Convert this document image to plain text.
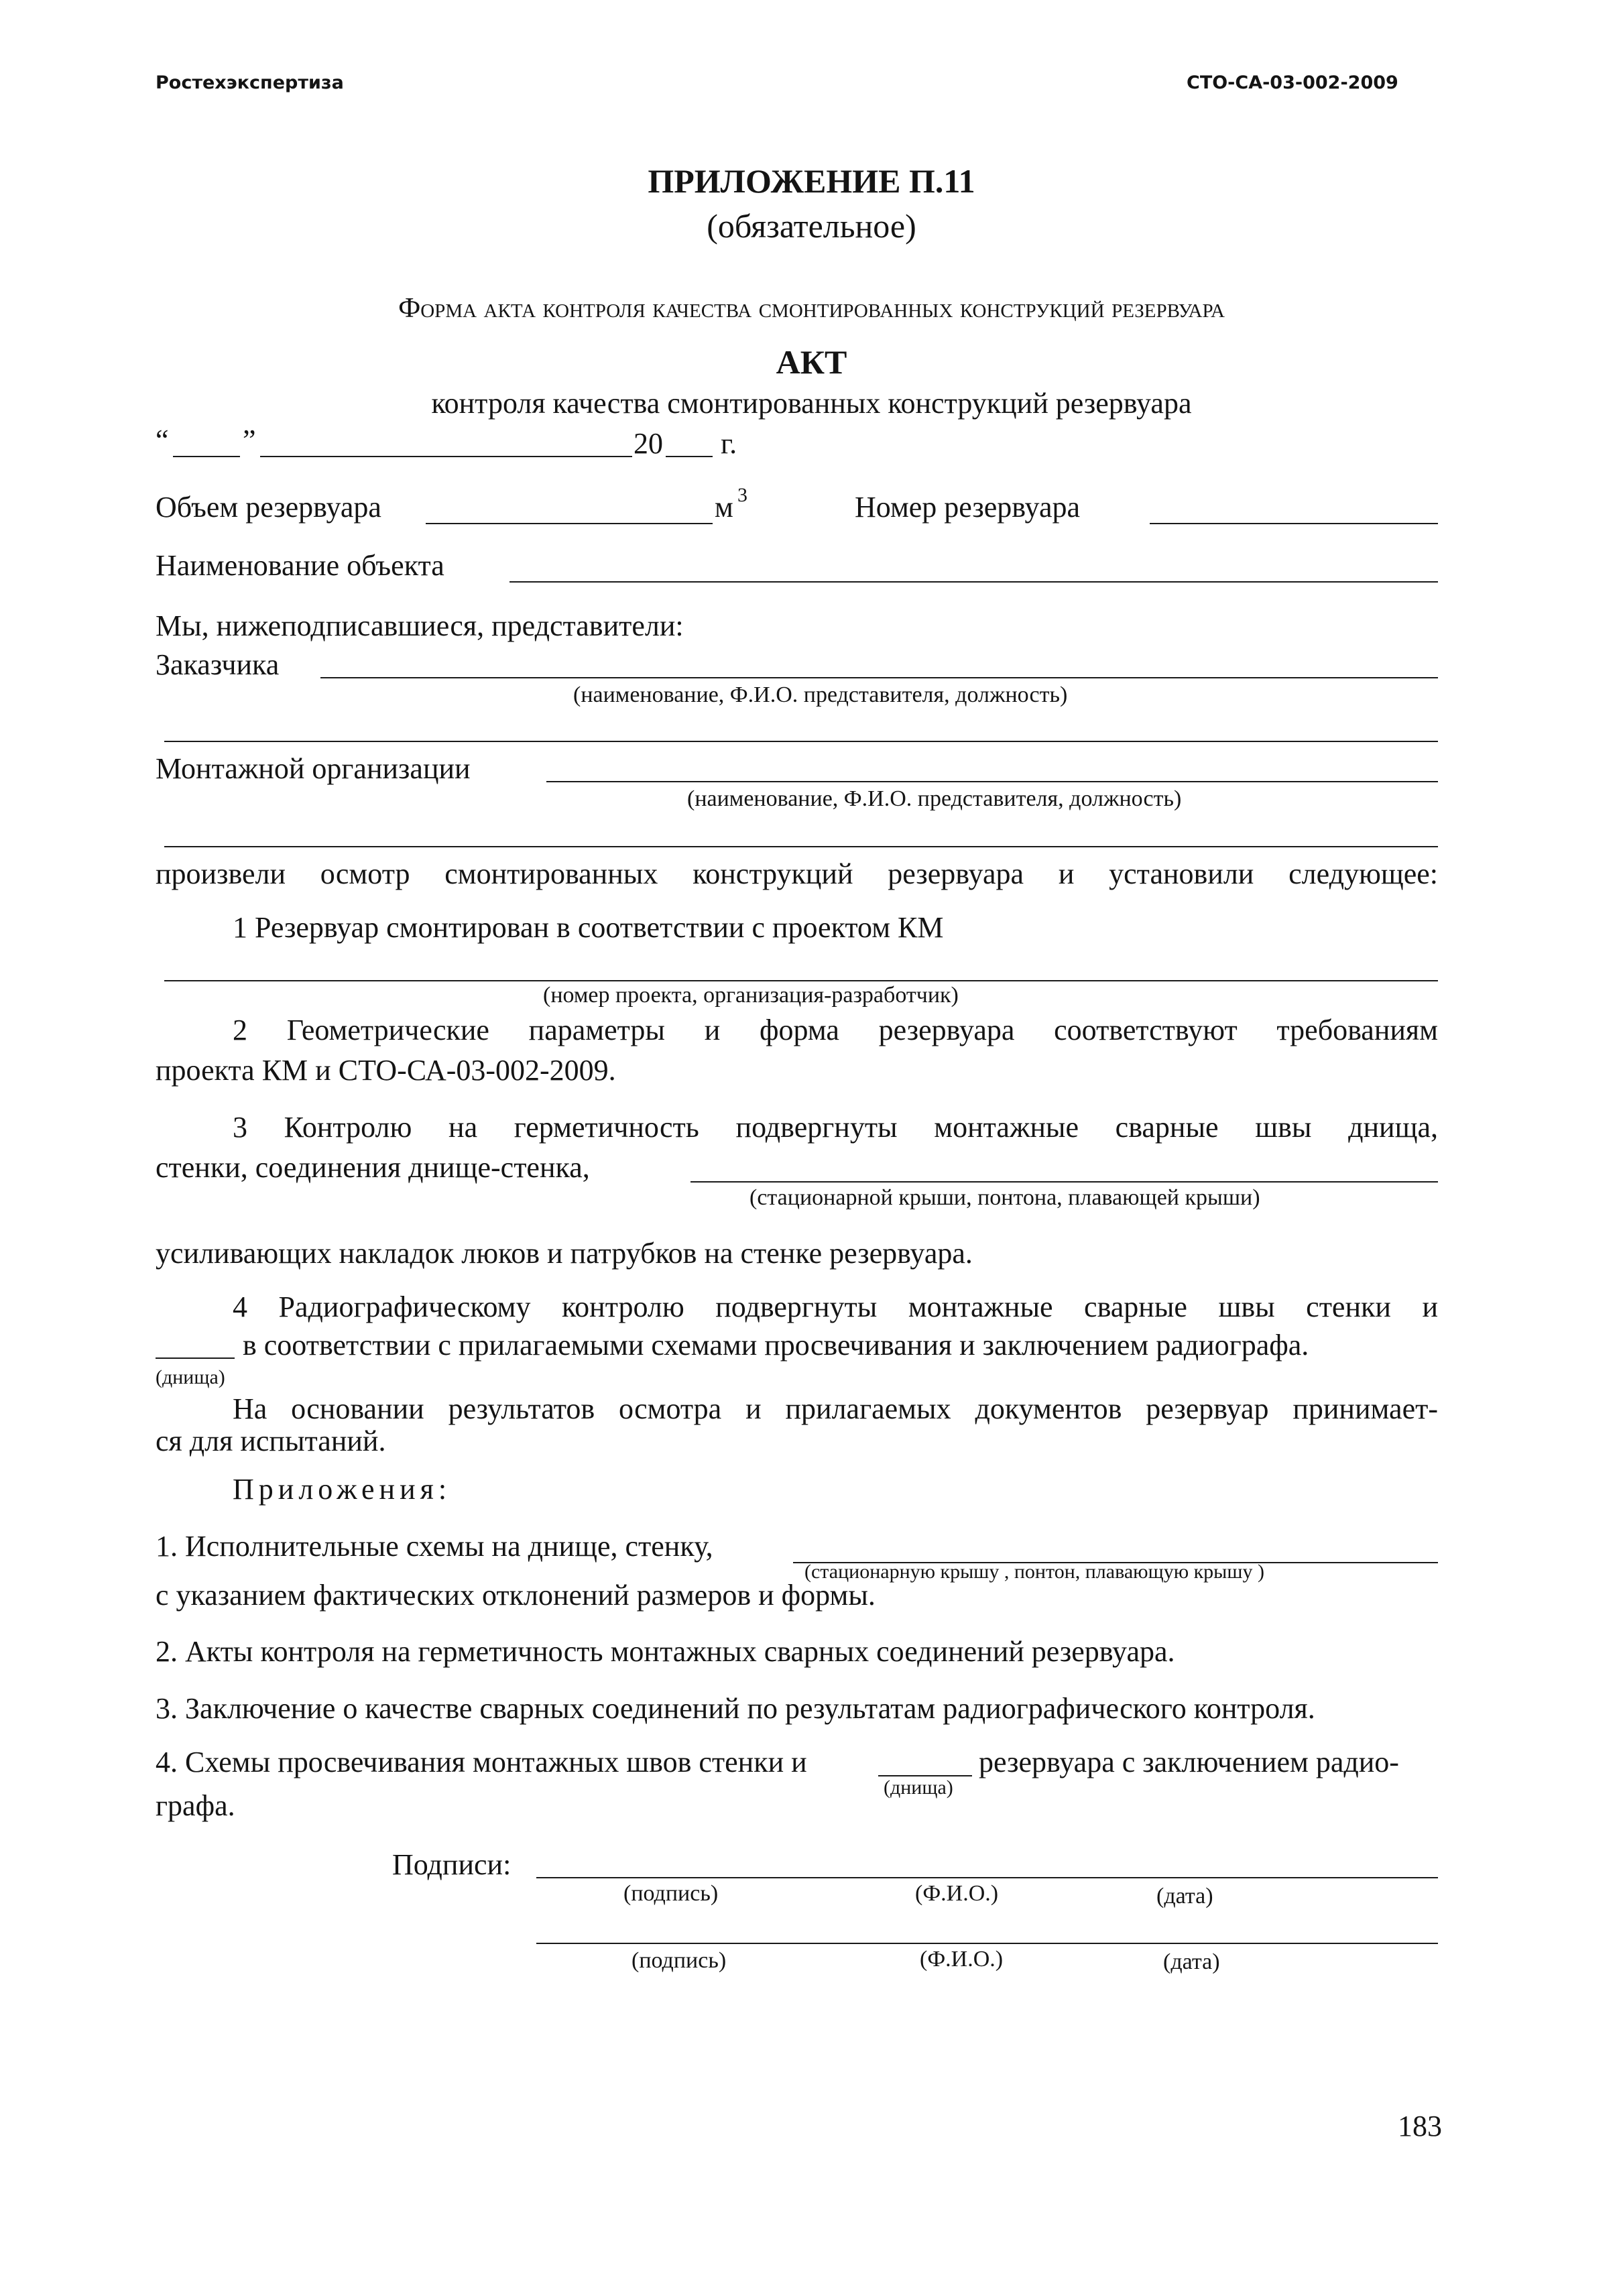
Ростехэкспертиза	СТО-СА-03-002-2009
ПРИЛОЖЕНИЕ П.11
(обязательное)
Форма акта контроля качества смонтированных конструкций резервуара
АКТ
контроля качества смонтированных конструкций резервуара
“	”	20 г.
Объем резервуара	м 3	Номер резервуара
Наименование объекта
Мы, нижеподписавшиеся, представители:
Заказчика
(наименование, Ф.И.О. представителя, должность)
Монтажной организации
(наименование, Ф.И.О. представителя, должность)
произвели осмотр смонтированных конструкций резервуара и установили следующее:
1 Резервуар смонтирован в соответствии с проектом КМ
(номер проекта, организация-разработчик)
2 Геометрические параметры и форма резервуара соответствуют требованиям
проекта КМ и СТО-СА-03-002-2009.
3 Контролю на герметичность подвергнуты монтажные сварные швы днища,
стенки, соединения днище-стенка,
(стационарной крыши, понтона, плавающей крыши)
усиливающих накладок люков и патрубков на стенке резервуара.
4 Радиографическому контролю подвергнуты монтажные сварные швы стенки и
в соответствии с прилагаемыми схемами просвечивания и заключением радиографа.
(днища)
На основании результатов осмотра и прилагаемых документов резервуар принимает-
ся для испытаний.
Приложения:
1. Исполнительные схемы на днище, стенку,
(стационарную крышу , понтон, плавающую крышу )
с указанием фактических отклонений размеров и формы.
2. Акты контроля на герметичность монтажных сварных соединений резервуара.
3. Заключение о качестве сварных соединений по результатам радиографического контроля.
4. Схемы просвечивания монтажных швов стенки и
(днища)
резервуара с заключением радио-
графа.
Подписи:
(подпись)	(Ф.И.О.)	(дата)
(подпись)	(Ф.И.О.)	(дата)
183
